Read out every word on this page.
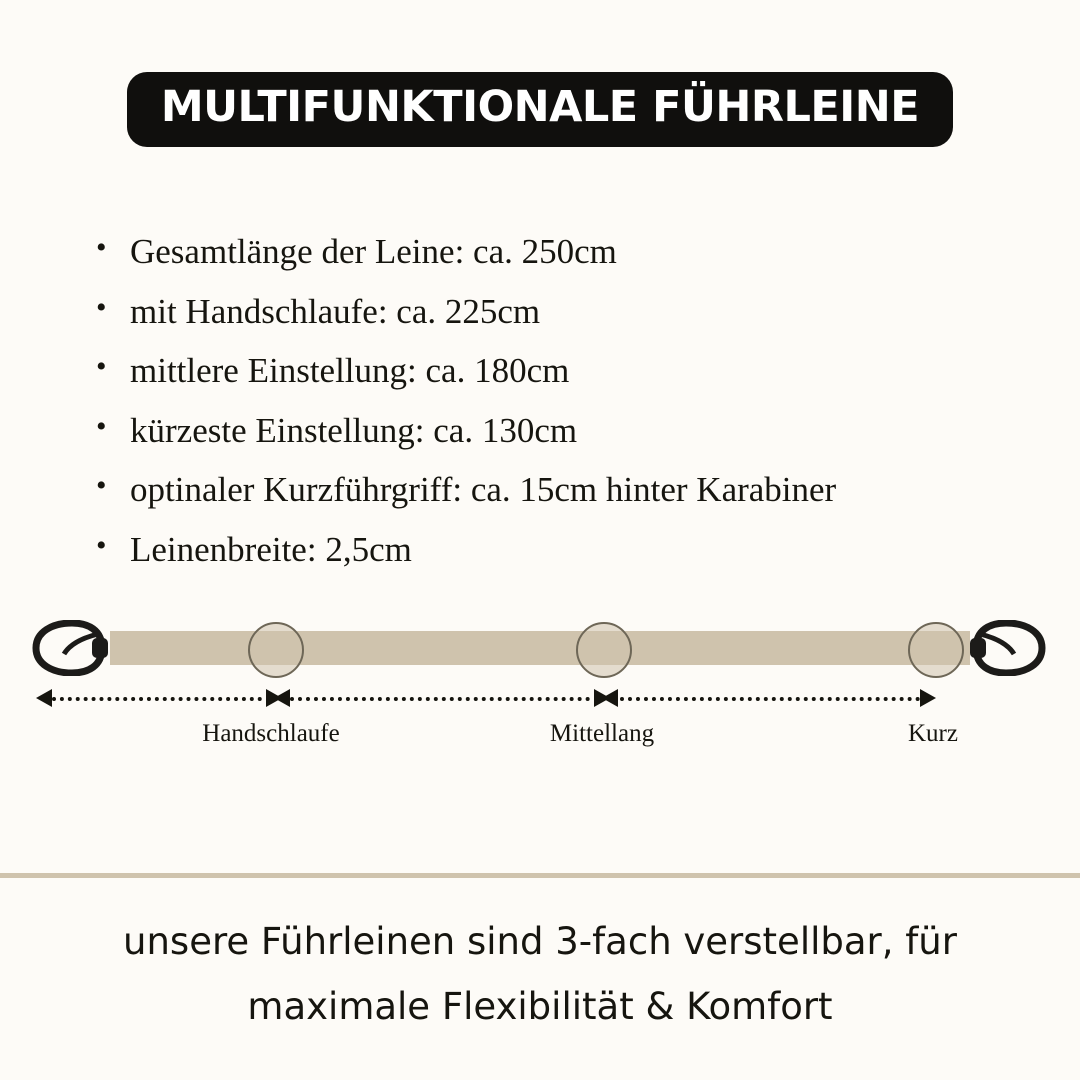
MULTIFUNKTIONALE FÜHRLEINE
• Gesamtlänge der Leine: ca. 250cm
• mit Handschlaufe: ca. 225cm
• mittlere Einstellung: ca. 180cm
• kürzeste Einstellung: ca. 130cm
• optinaler Kurzführgriff: ca. 15cm hinter Karabiner
• Leinenbreite: 2,5cm
Handschlaufe	Mittellang	Kurz
unsere Führleinen sind 3-fach verstellbar, für
maximale Flexibilität & Komfort
